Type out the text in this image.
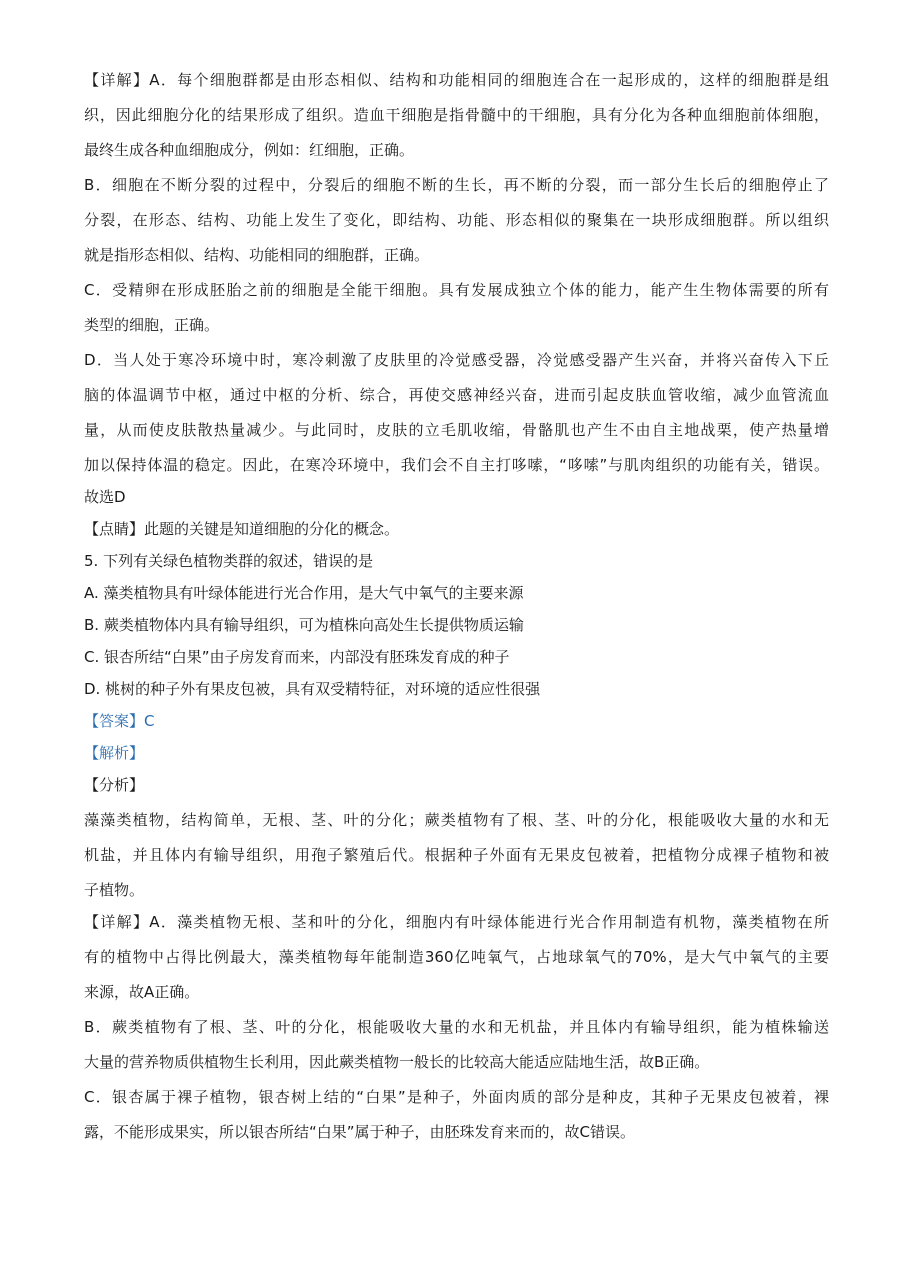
【详解】A．每个细胞群都是由形态相似、结构和功能相同的细胞连合在一起形成的，这样的细胞群是组

织，因此细胞分化的结果形成了组织。造血干细胞是指骨髓中的干细胞，具有分化为各种血细胞前体细胞，

最终生成各种血细胞成分，例如：红细胞，正确。

B．细胞在不断分裂的过程中，分裂后的细胞不断的生长，再不断的分裂，而一部分生长后的细胞停止了

分裂，在形态、结构、功能上发生了变化，即结构、功能、形态相似的聚集在一块形成细胞群。所以组织

就是指形态相似、结构、功能相同的细胞群，正确。

C．受精卵在形成胚胎之前的细胞是全能干细胞。具有发展成独立个体的能力，能产生生物体需要的所有

类型的细胞，正确。

D．当人处于寒冷环境中时，寒冷刺激了皮肤里的冷觉感受器，冷觉感受器产生兴奋，并将兴奋传入下丘

脑的体温调节中枢，通过中枢的分析、综合，再使交感神经兴奋，进而引起皮肤血管收缩，减少血管流血

量，从而使皮肤散热量减少。与此同时，皮肤的立毛肌收缩，骨骼肌也产生不由自主地战栗，使产热量增

加以保持体温的稳定。因此，在寒冷环境中，我们会不自主打哆嗦，“哆嗦”与肌肉组织的功能有关，错误。

故选D

【点睛】此题的关键是知道细胞的分化的概念。

5. 下列有关绿色植物类群的叙述，错误的是

A. 藻类植物具有叶绿体能进行光合作用，是大气中氧气的主要来源

B. 蕨类植物体内具有输导组织，可为植株向高处生长提供物质运输

C. 银杏所结“白果”由子房发育而来，内部没有胚珠发育成的种子

D. 桃树的种子外有果皮包被，具有双受精特征，对环境的适应性很强

【答案】C

【解析】

【分析】

藻藻类植物，结构简单，无根、茎、叶的分化；蕨类植物有了根、茎、叶的分化，根能吸收大量的水和无

机盐，并且体内有输导组织，用孢子繁殖后代。根据种子外面有无果皮包被着，把植物分成裸子植物和被

子植物。

【详解】A．藻类植物无根、茎和叶的分化，细胞内有叶绿体能进行光合作用制造有机物，藻类植物在所

有的植物中占得比例最大，藻类植物每年能制造360亿吨氧气，占地球氧气的70%，是大气中氧气的主要

来源，故A正确。

B．蕨类植物有了根、茎、叶的分化，根能吸收大量的水和无机盐，并且体内有输导组织，能为植株输送

大量的营养物质供植物生长利用，因此蕨类植物一般长的比较高大能适应陆地生活，故B正确。

C．银杏属于裸子植物，银杏树上结的“白果”是种子，外面肉质的部分是种皮，其种子无果皮包被着，裸

露，不能形成果实，所以银杏所结“白果”属于种子，由胚珠发育来而的，故C错误。
